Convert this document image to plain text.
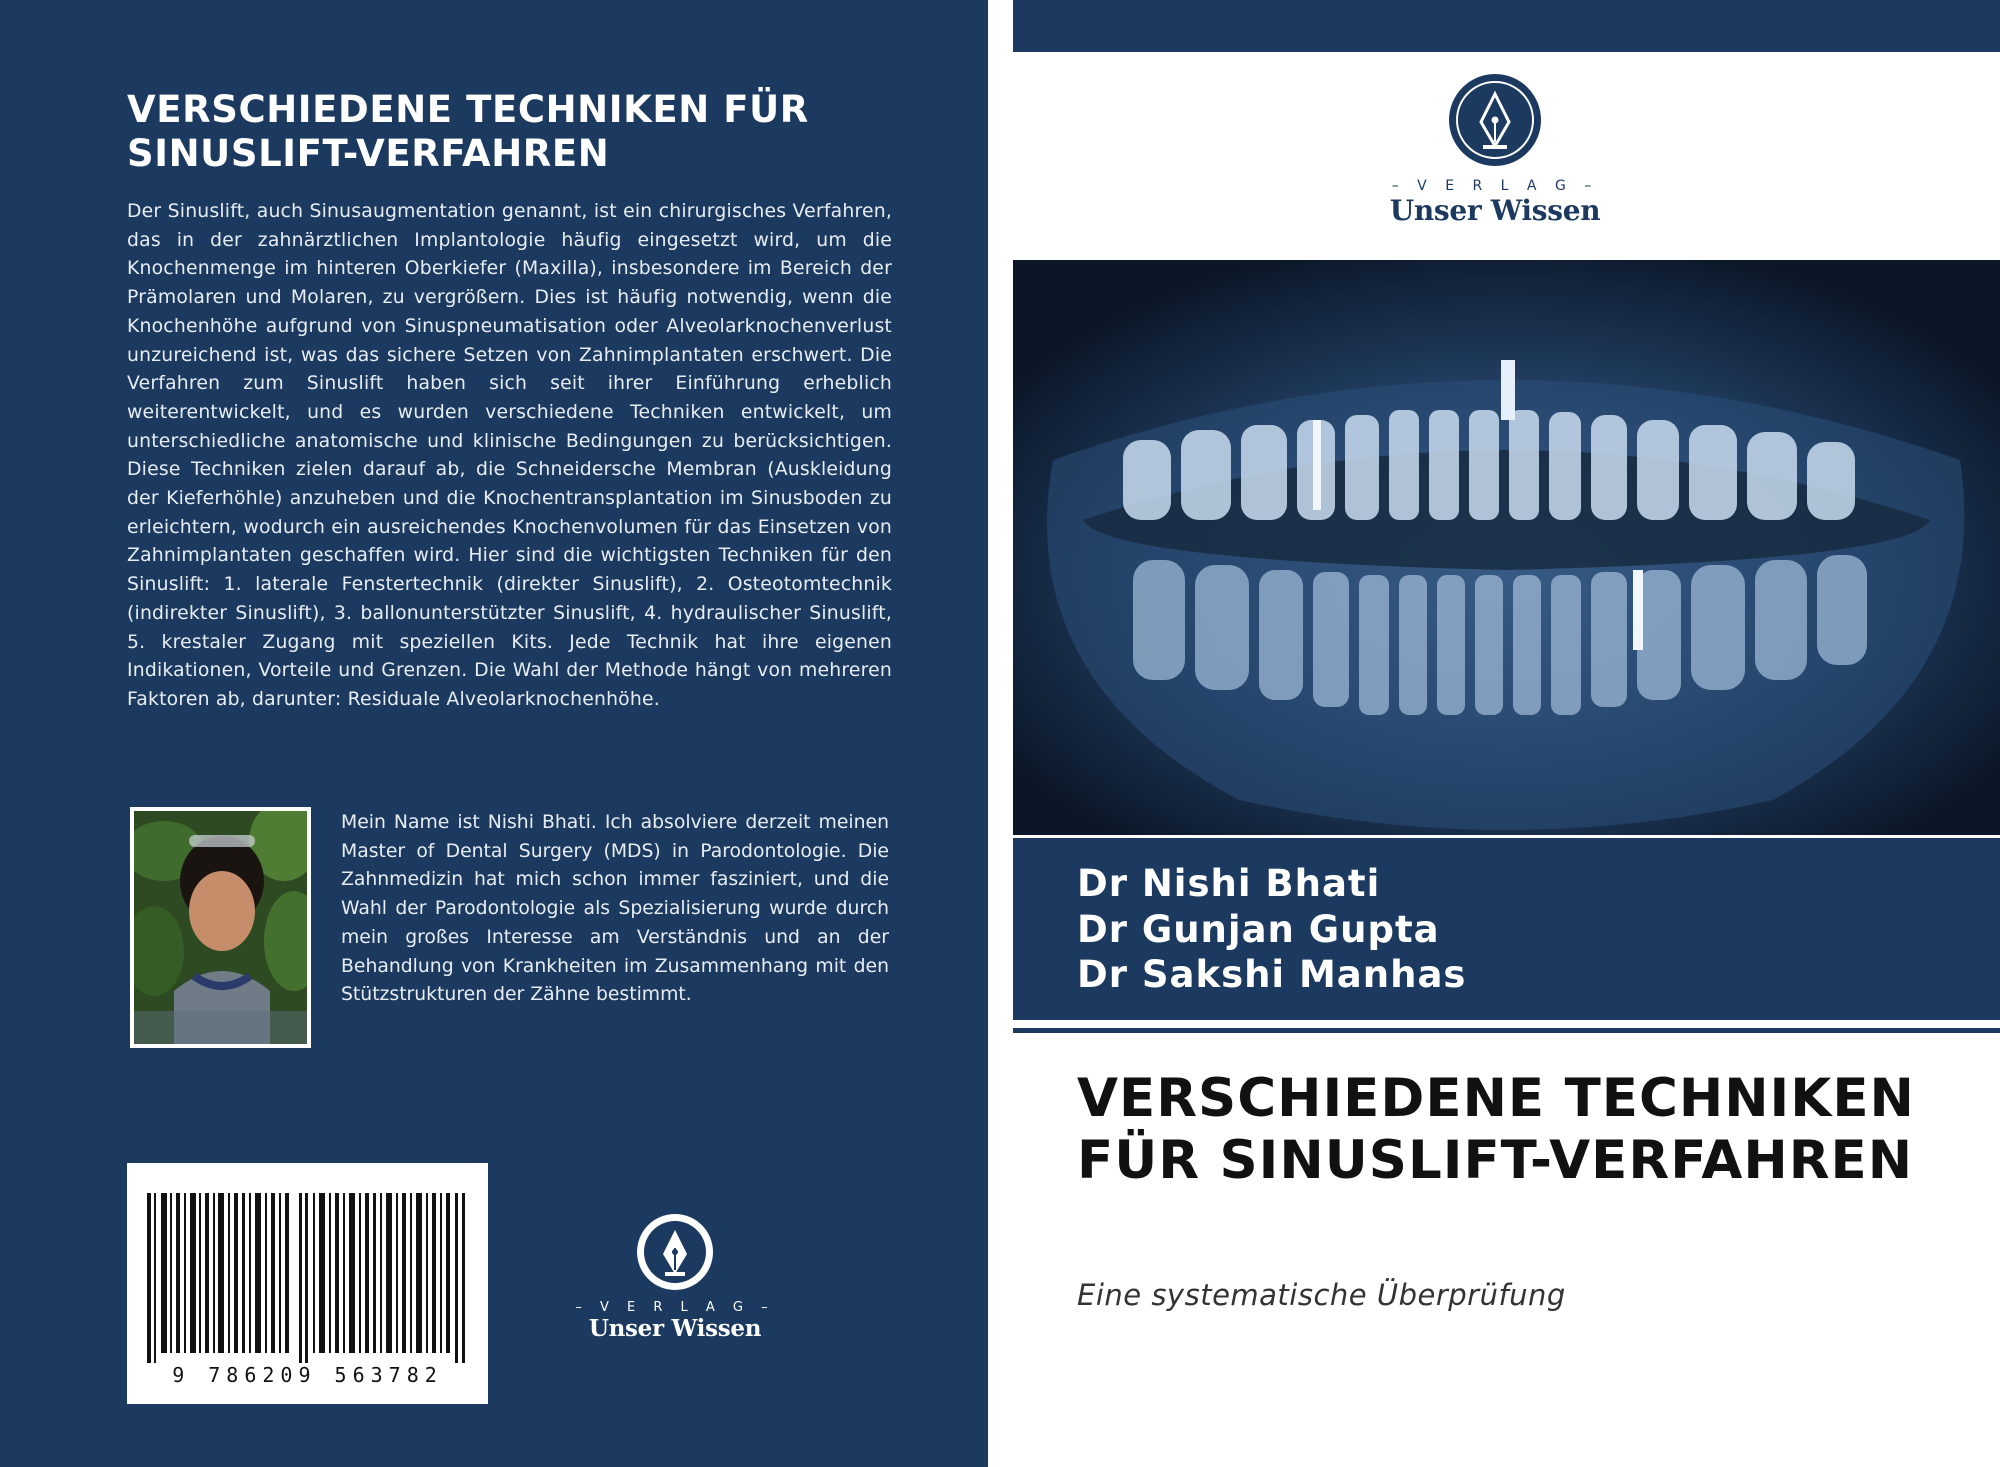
VERSCHIEDENE TECHNIKEN FÜR SINUSLIFT-VERFAHREN
Der Sinuslift, auch Sinusaugmentation genannt, ist ein chirurgisches Verfahren, das in der zahnärztlichen Implantologie häufig eingesetzt wird, um die Knochenmenge im hinteren Oberkiefer (Maxilla), insbesondere im Bereich der Prämolaren und Molaren, zu vergrößern. Dies ist häufig notwendig, wenn die Knochenhöhe aufgrund von Sinuspneumatisation oder Alveolarknochenverlust unzureichend ist, was das sichere Setzen von Zahnimplantaten erschwert. Die Verfahren zum Sinuslift haben sich seit ihrer Einführung erheblich weiterentwickelt, und es wurden verschiedene Techniken entwickelt, um unterschiedliche anatomische und klinische Bedingungen zu berücksichtigen. Diese Techniken zielen darauf ab, die Schneidersche Membran (Auskleidung der Kieferhöhle) anzuheben und die Knochentransplantation im Sinusboden zu erleichtern, wodurch ein ausreichendes Knochenvolumen für das Einsetzen von Zahnimplantaten geschaffen wird. Hier sind die wichtigsten Techniken für den Sinuslift: 1. laterale Fenstertechnik (direkter Sinuslift), 2. Osteotomtechnik (indirekter Sinuslift), 3. ballonunterstützter Sinuslift, 4. hydraulischer Sinuslift, 5. krestaler Zugang mit speziellen Kits. Jede Technik hat ihre eigenen Indikationen, Vorteile und Grenzen. Die Wahl der Methode hängt von mehreren Faktoren ab, darunter: Residuale Alveolarknochenhöhe.
Mein Name ist Nishi Bhati. Ich absolviere derzeit meinen Master of Dental Surgery (MDS) in Parodontologie. Die Zahnmedizin hat mich schon immer fasziniert, und die Wahl der Parodontologie als Spezialisierung wurde durch mein großes Interesse am Verständnis und an der Behandlung von Krankheiten im Zusammenhang mit den Stützstrukturen der Zähne bestimmt.
9 786209 563782
– V E R L A G –
Unser Wissen
– V E R L A G –
Unser Wissen
Dr Nishi Bhati
Dr Gunjan Gupta
Dr Sakshi Manhas
VERSCHIEDENE TECHNIKEN FÜR SINUSLIFT-VERFAHREN
Eine systematische Überprüfung
